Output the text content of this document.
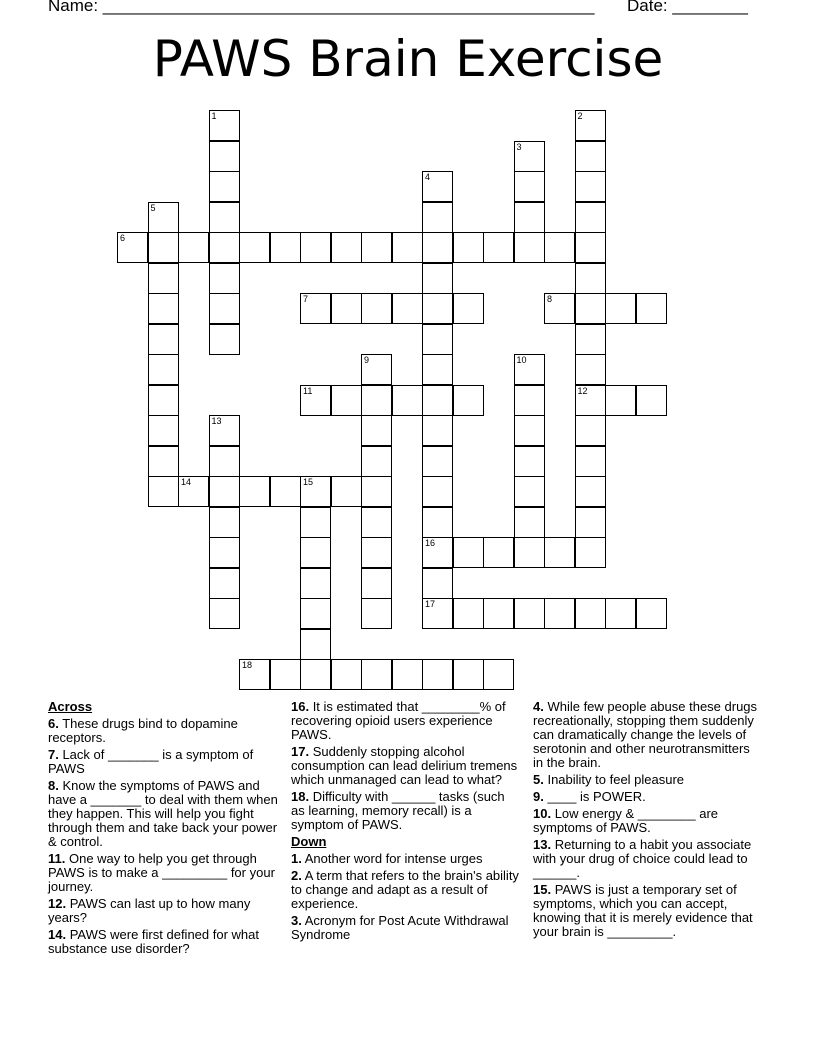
Name: ____________________________________________________ Date: ________
PAWS Brain Exercise
1	2
12
3
4
16
17
5
6
7	8
9	10
11
13
14	15
18
Across
6. These drugs bind to dopamine receptors.
7. Lack of _______ is a symptom of PAWS
8. Know the symptoms of PAWS and have a _______ to deal with them when they happen. This will help you fight through them and take back your power & control.
11. One way to help you get through PAWS is to make a _________ for your journey.
12. PAWS can last up to how many years?
14. PAWS were first defined for what substance use disorder?
16. It is estimated that ________% of recovering opioid users experience PAWS.
17. Suddenly stopping alcohol consumption can lead delirium tremens which unmanaged can lead to what?
18. Difficulty with ______ tasks (such as learning, memory recall) is a symptom of PAWS.
Down
1. Another word for intense urges
2. A term that refers to the brain's ability to change and adapt as a result of experience.
3. Acronym for Post Acute Withdrawal Syndrome
4. While few people abuse these drugs recreationally, stopping them suddenly can dramatically change the levels of serotonin and other neurotransmitters in the brain.
5. Inability to feel pleasure
9. ____ is POWER.
10. Low energy & ________ are symptoms of PAWS.
13. Returning to a habit you associate with your drug of choice could lead to ______.
15. PAWS is just a temporary set of symptoms, which you can accept, knowing that it is merely evidence that your brain is _________.
